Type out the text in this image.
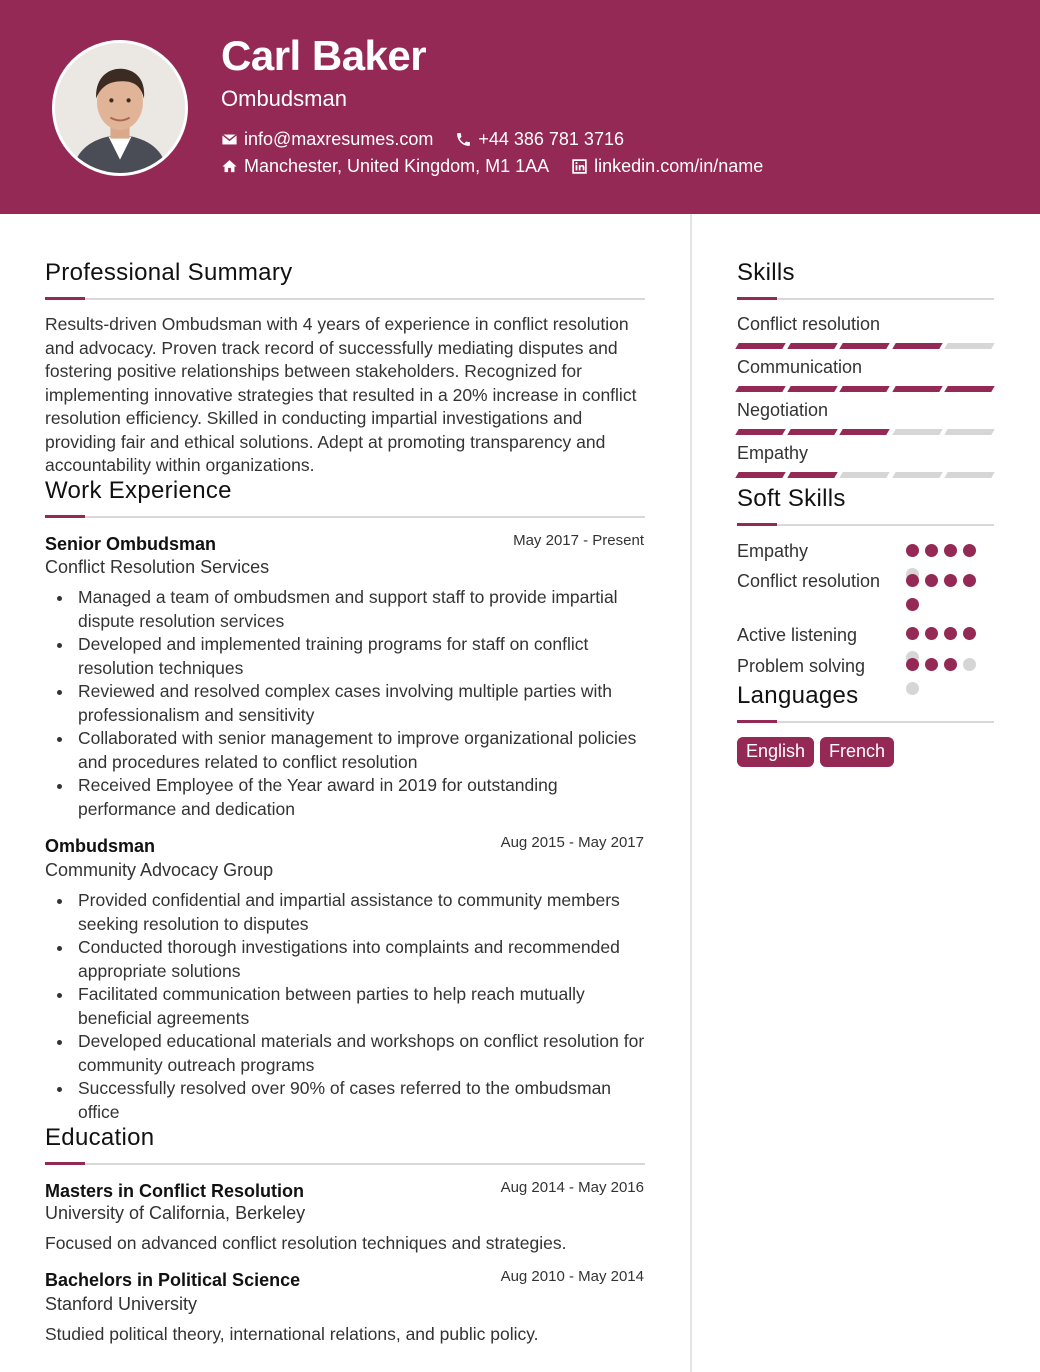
Carl Baker
Ombudsman
info@maxresumes.com	+44 386 781 3716
Manchester, United Kingdom, M1 1AA	linkedin.com/in/name
Professional Summary
Results-driven Ombudsman with 4 years of experience in conflict resolution and advocacy. Proven track record of successfully mediating disputes and fostering positive relationships between stakeholders. Recognized for implementing innovative strategies that resulted in a 20% increase in conflict resolution efficiency. Skilled in conducting impartial investigations and providing fair and ethical solutions. Adept at promoting transparency and accountability within organizations.
Work Experience
Senior Ombudsman	May 2017 - Present
Conflict Resolution Services
Managed a team of ombudsmen and support staff to provide impartial dispute resolution services
Developed and implemented training programs for staff on conflict resolution techniques
Reviewed and resolved complex cases involving multiple parties with professionalism and sensitivity
Collaborated with senior management to improve organizational policies and procedures related to conflict resolution
Received Employee of the Year award in 2019 for outstanding performance and dedication
Ombudsman	Aug 2015 - May 2017
Community Advocacy Group
Provided confidential and impartial assistance to community members seeking resolution to disputes
Conducted thorough investigations into complaints and recommended appropriate solutions
Facilitated communication between parties to help reach mutually beneficial agreements
Developed educational materials and workshops on conflict resolution for community outreach programs
Successfully resolved over 90% of cases referred to the ombudsman office
Education
Masters in Conflict Resolution	Aug 2014 - May 2016
University of California, Berkeley
Focused on advanced conflict resolution techniques and strategies.
Bachelors in Political Science	Aug 2010 - May 2014
Stanford University
Studied political theory, international relations, and public policy.
Skills
Conflict resolution
Communication
Negotiation
Empathy
Soft Skills
Empathy
Conflict resolution
Active listening
Problem solving
Languages
English	French
